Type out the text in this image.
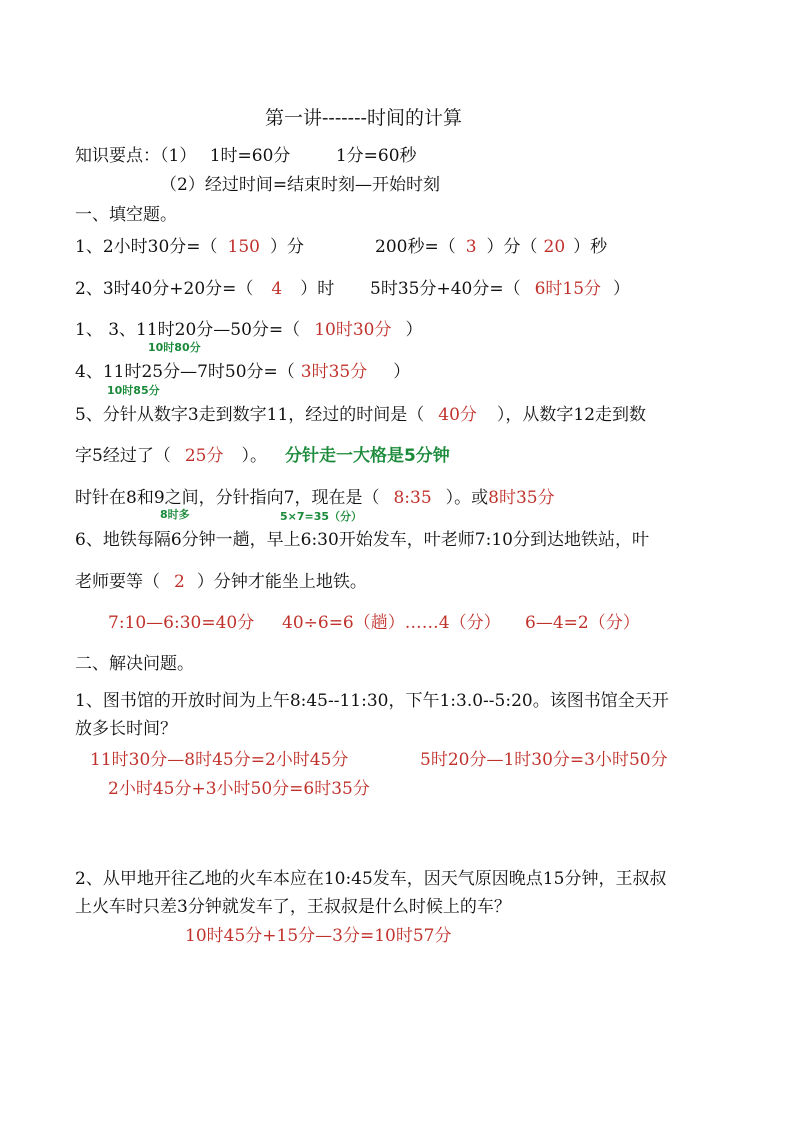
第一讲-------时间的计算
知识要点：（1） 1时=60分	1分=60秒
（2）经过时间=结束时刻—开始时刻
一、填空题。
1、2小时30分=（ 150 ）分	200秒=（ 3 ）分（ 20 ）秒
2、3时40分+20分=（ 4 ）时 5时35分+40分=（ 6时15分 ）
1、 3、11时20分—50分=（ 10时30分 ）
10时80分
4、11时25分—7时50分=（ 3时35分 ）
10时85分
5、分针从数字3走到数字11，经过的时间是（ 40分 ），从数字12走到数
字5经过了（ 25分 ）。 分针走一大格是5分钟
时针在8和9之间，分针指向7，现在是（ 8:35 ）。或8时35分
8时多	5×7=35（分）
6、地铁每隔6分钟一趟，早上6:30开始发车，叶老师7:10分到达地铁站，叶
老师要等（ 2 ）分钟才能坐上地铁。
7:10—6:30=40分 40÷6=6（趟）……4（分） 6—4=2（分）
二、解决问题。
1、图书馆的开放时间为上午8:45--11:30，下午1:3.0--5:20。该图书馆全天开
放多长时间？
11时30分—8时45分=2小时45分	5时20分—1时30分=3小时50分
2小时45分+3小时50分=6时35分
2、从甲地开往乙地的火车本应在10:45发车，因天气原因晚点15分钟，王叔叔
上火车时只差3分钟就发车了，王叔叔是什么时候上的车？
10时45分+15分—3分=10时57分
